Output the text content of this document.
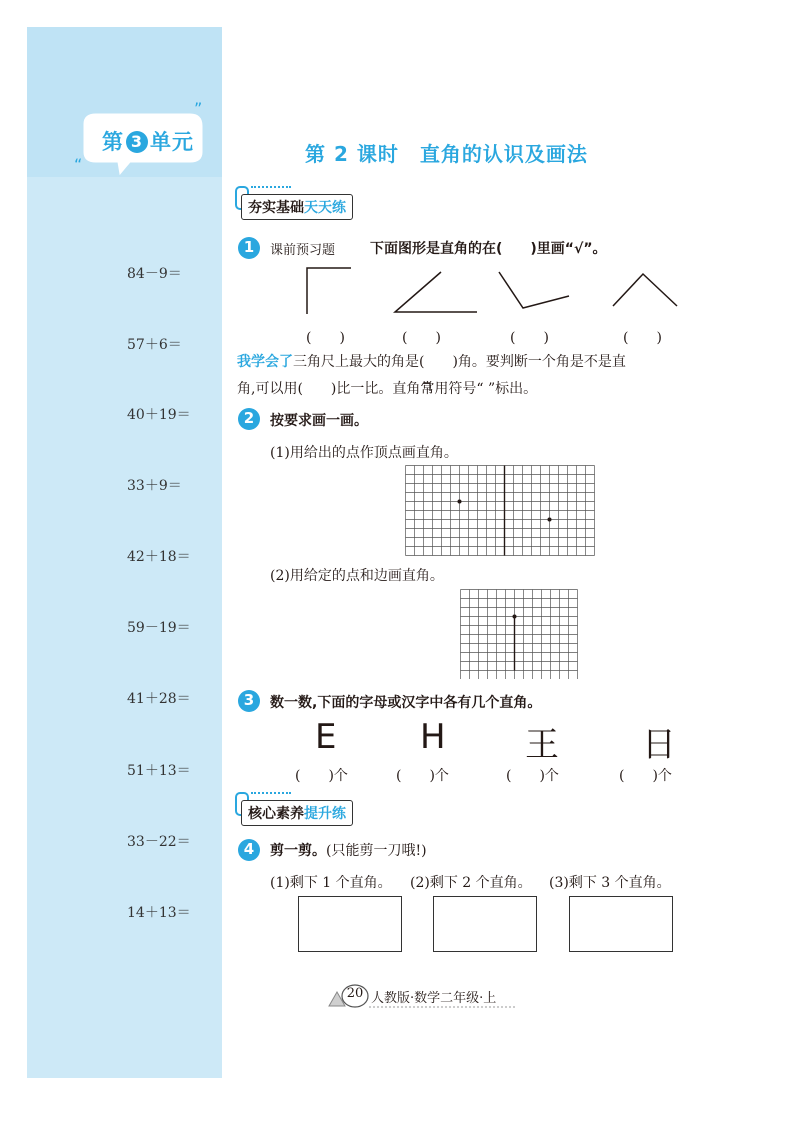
”
“
第 3 单元
84－9＝
57＋6＝
40＋19＝
33＋9＝
42＋18＝
59－19＝
41＋28＝
51＋13＝
33－22＝
14＋13＝
第 2 课时　直角的认识及画法
夯实基础天天练
1	课前预习题 下面图形是直角的在(　　)里画“√”。
(　　)	(　　)	(　　)	(　　)
我学会了三角尺上最大的角是(　　)角。要判断一个角是不是直
角,可以用(　　)比一比。直角常用符号“ ”标出。
2	按要求画一画。
(1)用给出的点作顶点画直角。
(2)用给定的点和边画直角。
3	数一数,下面的字母或汉字中各有几个直角。
E H 王 日
(　　)个	(　　)个	(　　)个	(　　)个
核心素养提升练
4	剪一剪。(只能剪一刀哦!)
(1)剩下 1 个直角。 (2)剩下 2 个直角。 (3)剩下 3 个直角。
20 人教版·数学二年级·上
